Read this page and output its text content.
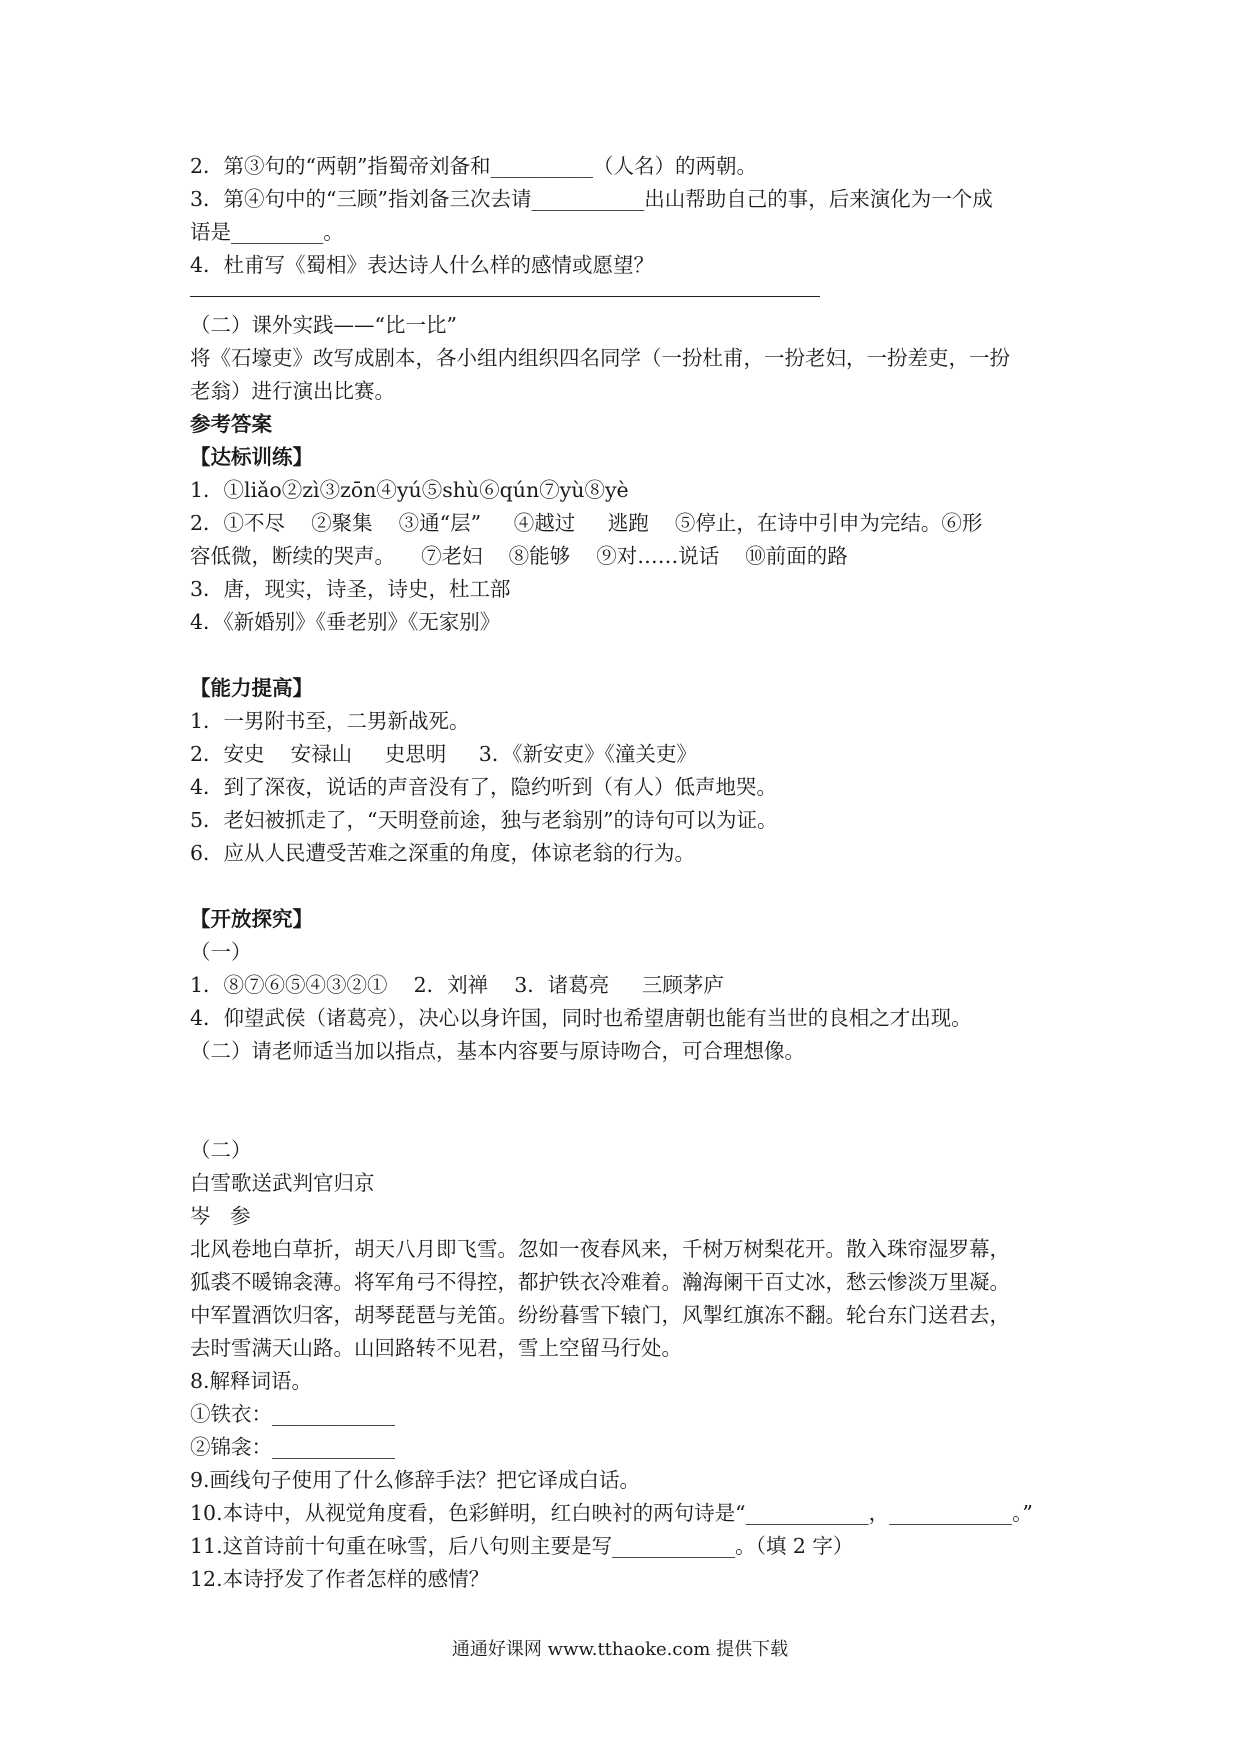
2．第③句的“两朝”指蜀帝刘备和__________（人名）的两朝。
3．第④句中的“三顾”指刘备三次去请___________出山帮助自己的事，后来演化为一个成
语是_________。
4．杜甫写《蜀相》表达诗人什么样的感情或愿望？
（二）课外实践——“比一比”
将《石壕吏》改写成剧本，各小组内组织四名同学（一扮杜甫，一扮老妇，一扮差吏，一扮
老翁）进行演出比赛。
参考答案
【达标训练】
1．①liǎo②zì③zōn④yú⑤shù⑥qún⑦yù⑧yè
2．①不尽    ②聚集    ③通“层”     ④越过     逃跑    ⑤停止，在诗中引申为完结。⑥形
容低微，断续的哭声。    ⑦老妇    ⑧能够    ⑨对……说话    ⑩前面的路
3．唐，现实，诗圣，诗史，杜工部
4．《新婚别》《垂老别》《无家别》
【能力提高】
1．一男附书至，二男新战死。
2．安史    安禄山     史思明     3．《新安吏》《潼关吏》
4．到了深夜，说话的声音没有了，隐约听到（有人）低声地哭。
5．老妇被抓走了，“天明登前途，独与老翁别”的诗句可以为证。
6．应从人民遭受苦难之深重的角度，体谅老翁的行为。
【开放探究】
（一）
1．⑧⑦⑥⑤④③②①    2．刘禅    3．诸葛亮     三顾茅庐
4．仰望武侯（诸葛亮），决心以身许国，同时也希望唐朝也能有当世的良相之才出现。
（二）请老师适当加以指点，基本内容要与原诗吻合，可合理想像。
（二）
白雪歌送武判官归京
岑   参
北风卷地白草折，胡天八月即飞雪。忽如一夜春风来，千树万树梨花开。散入珠帘湿罗幕，
狐裘不暖锦衾薄。将军角弓不得控，都护铁衣冷难着。瀚海阑干百丈冰，愁云惨淡万里凝。
中军置酒饮归客，胡琴琵琶与羌笛。纷纷暮雪下辕门，风掣红旗冻不翻。轮台东门送君去，
去时雪满天山路。山回路转不见君，雪上空留马行处。
8.解释词语。
①铁衣：____________
②锦衾：____________
9.画线句子使用了什么修辞手法？把它译成白话。
10.本诗中，从视觉角度看，色彩鲜明，红白映衬的两句诗是“____________，____________。”
11.这首诗前十句重在咏雪，后八句则主要是写____________。（填 2 字）
12.本诗抒发了作者怎样的感情？
通通好课网 www.tthaoke.com 提供下载
